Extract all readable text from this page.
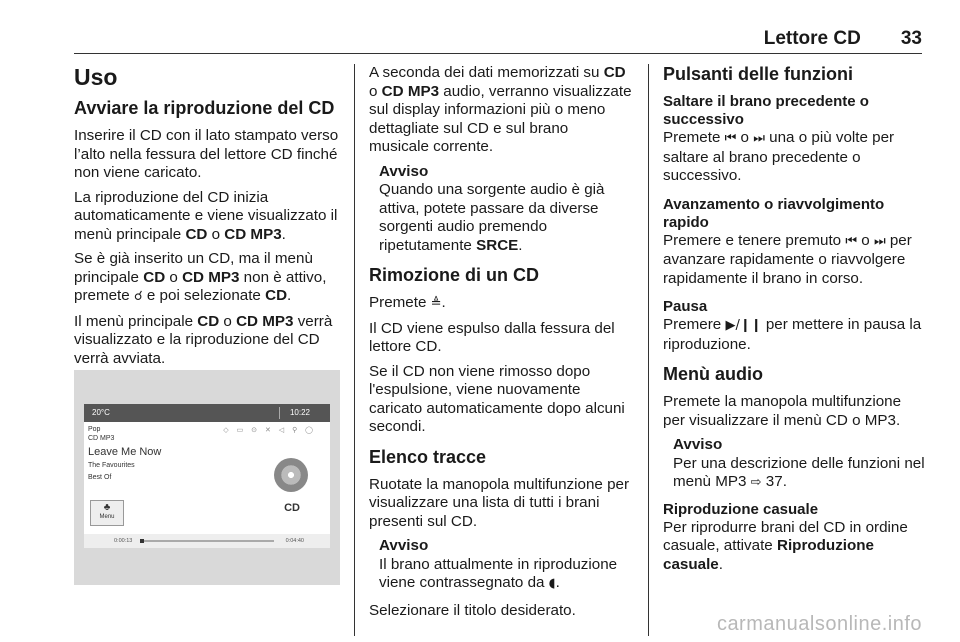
Lettore CD 33
Uso
Avviare la riproduzione del CD

Inserire il CD con il lato stampato verso l’alto nella fessura del lettore CD finché non viene caricato.

La riproduzione del CD inizia automaticamente e viene visualizzato il menù principale CD o CD MP3.

Se è già inserito un CD, ma il menù principale CD o CD MP3 non è attivo, premete ☌ e poi selezionate CD.

Il menù principale CD o CD MP3 verrà visualizzato e la riproduzione del CD verrà avviata.

20°C	10:22
Pop
CD MP3
Leave Me Now
The Favourites
Best Of
◇ ▭ ⊙ ✕ ◁ ⚲ ◯
CD
♣
Menu
0:00:13	0:04:40

A seconda dei dati memorizzati su CD o CD MP3 audio, verranno visualizzate sul display informazioni più o meno dettagliate sul CD e sul brano musicale corrente.

Avviso
Quando una sorgente audio è già attiva, potete passare da diverse sorgenti audio premendo ripetutamente SRCE.
Rimozione di un CD

Premete ≜.

Il CD viene espulso dalla fessura del lettore CD.

Se il CD non viene rimosso dopo l'espulsione, viene nuovamente caricato automaticamente dopo alcuni secondi.

Elenco tracce

Ruotate la manopola multifunzione per visualizzare una lista di tutti i brani presenti sul CD.

Avviso
Il brano attualmente in riproduzione viene contrassegnato da ◖.

Selezionare il titolo desiderato.

Pulsanti delle funzioni
Saltare il brano precedente o successivo
Premete ⏮ o ⏭ una o più volte per saltare al brano precedente o successivo.
Avanzamento o riavvolgimento rapido
Premere e tenere premuto ⏮ o ⏭ per avanzare rapidamente o riavvolgere rapidamente il brano in corso.
Pausa
Premere ▶/❙❙ per mettere in pausa la riproduzione.
Menù audio

Premete la manopola multifunzione per visualizzare il menù CD o MP3.

Avviso
Per una descrizione delle funzioni nel menù MP3 ⇨ 37.
Riproduzione casuale
Per riprodurre brani del CD in ordine casuale, attivate Riproduzione casuale.
carmanualsonline.info
